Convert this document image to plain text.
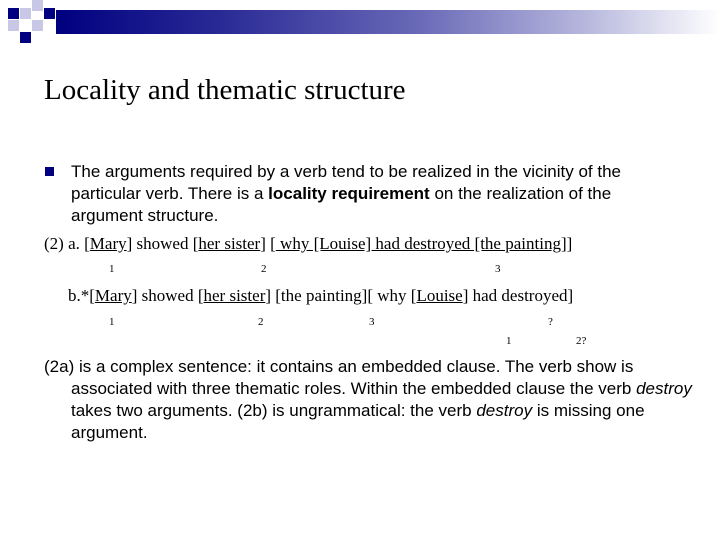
Locality and thematic structure
The arguments required by a verb tend to be realized in the vicinity of the particular verb. There is a locality requirement on the realization of the argument structure.
(2) a. [Mary] showed [her sister] [ why [Louise] had destroyed [the painting]]
1	2	3
b.*[Mary] showed [her sister] [the painting][ why [Louise] had destroyed]
1	2	3	?
1	2?
(2a) is a complex sentence: it contains an embedded clause. The verb show is associated with three thematic roles. Within the embedded clause the verb destroy takes two arguments. (2b) is ungrammatical: the verb destroy is missing one argument.
